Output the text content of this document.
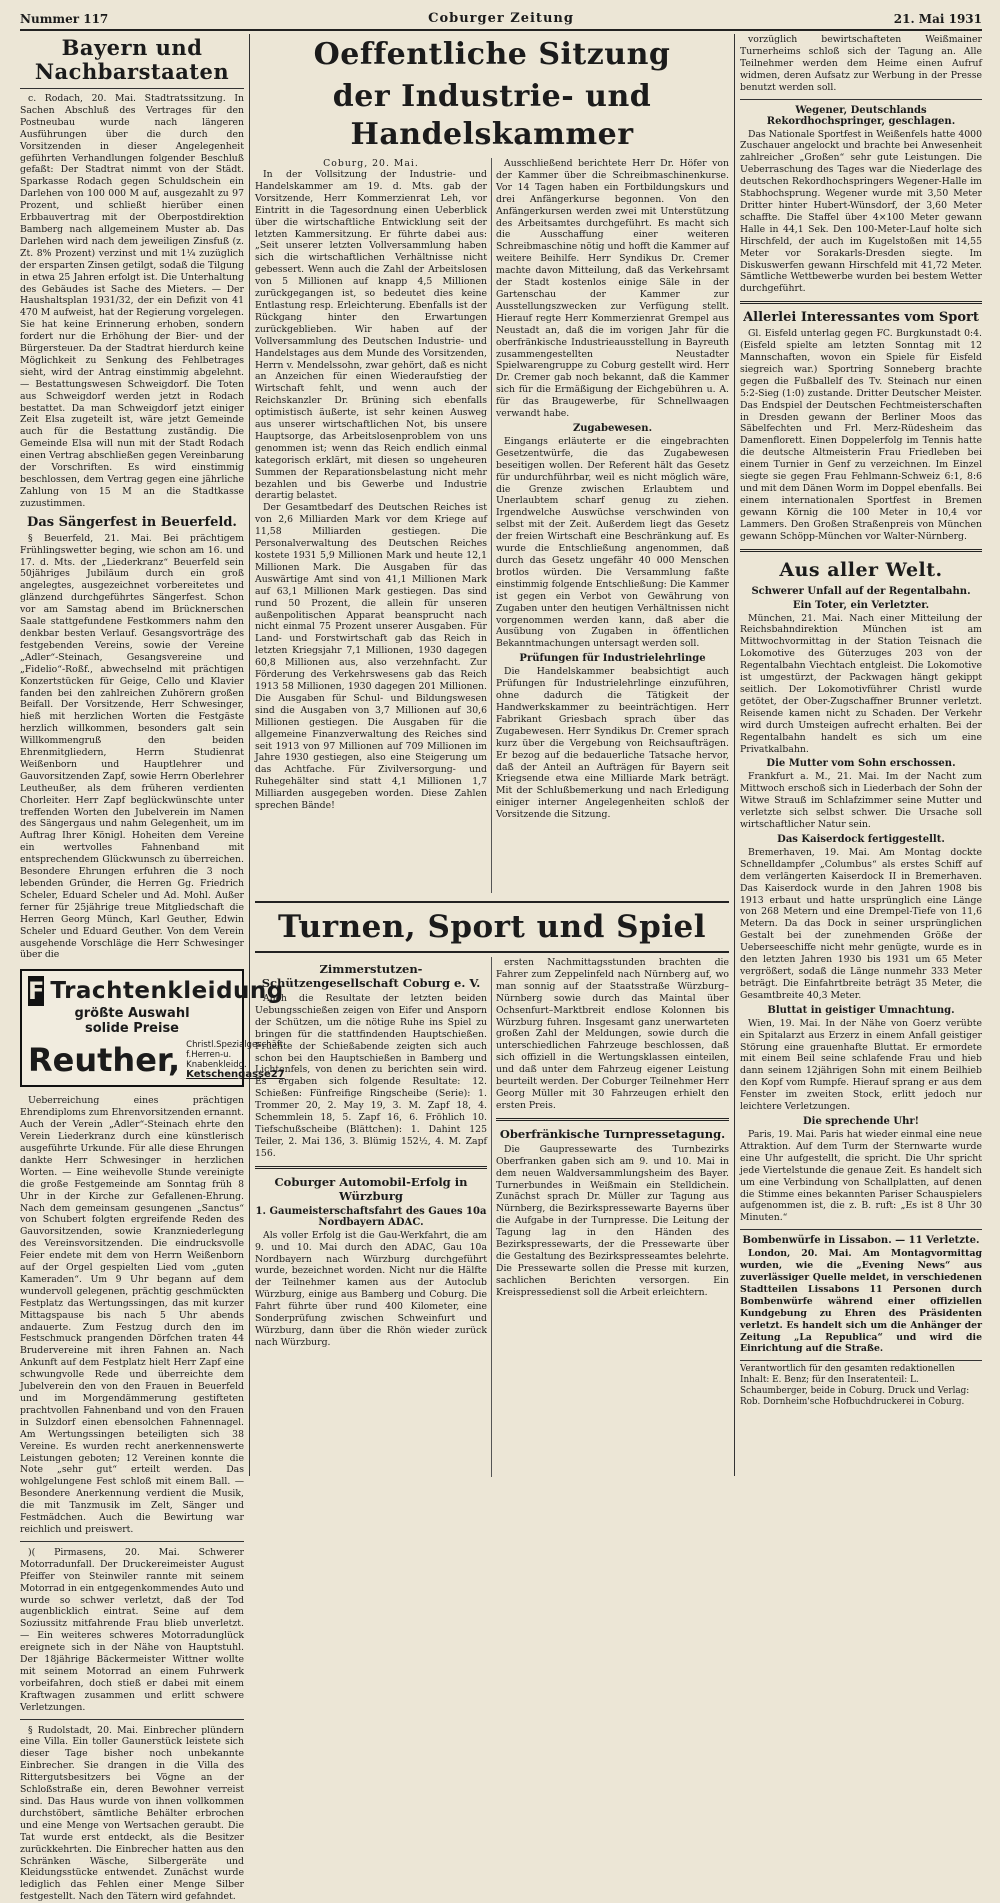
Nummer 117	Coburger Zeitung	21. Mai 1931
Bayern und Nachbarstaaten

c. Rodach, 20. Mai. Stadtratssitzung. In Sachen Abschluß des Vertrages für den Postneubau wurde nach längeren Ausführungen über die durch den Vorsitzenden in dieser Angelegenheit geführten Verhandlungen folgender Beschluß gefaßt: Der Stadtrat nimmt von der Städt. Sparkasse Rodach gegen Schuldschein ein Darlehen von 100 000 M auf, ausgezahlt zu 97 Prozent, und schließt hierüber einen Erbbauvertrag mit der Oberpostdirektion Bamberg nach allgemeinem Muster ab. Das Darlehen wird nach dem jeweiligen Zinsfuß (z. Zt. 8% Prozent) verzinst und mit 1¼ zuzüglich der ersparten Zinsen getilgt, sodaß die Tilgung in etwa 25 Jahren erfolgt ist. Die Unterhaltung des Gebäudes ist Sache des Mieters. — Der Haushaltsplan 1931/32, der ein Defizit von 41 470 M aufweist, hat der Regierung vorgelegen. Sie hat keine Erinnerung erhoben, sondern fordert nur die Erhöhung der Bier- und der Bürgersteuer. Da der Stadtrat hierdurch keine Möglichkeit zu Senkung des Fehlbetrages sieht, wird der Antrag einstimmig abgelehnt. — Bestattungswesen Schweigdorf. Die Toten aus Schweigdorf werden jetzt in Rodach bestattet. Da man Schweigdorf jetzt einiger Zeit Elsa zugeteilt ist, wäre jetzt Gemeinde auch für die Bestattung zuständig. Die Gemeinde Elsa will nun mit der Stadt Rodach einen Vertrag abschließen gegen Vereinbarung der Vorschriften. Es wird einstimmig beschlossen, dem Vertrag gegen eine jährliche Zahlung von 15 M an die Stadtkasse zuzustimmen.

Das Sängerfest in Beuerfeld.

§ Beuerfeld, 21. Mai. Bei prächtigem Frühlingswetter beging, wie schon am 16. und 17. d. Mts. der „Liederkranz“ Beuerfeld sein 50jähriges Jubiläum durch ein groß angelegtes, ausgezeichnet vorbereitetes und glänzend durchgeführtes Sängerfest. Schon vor am Samstag abend im Brücknerschen Saale stattgefundene Festkommers nahm den denkbar besten Verlauf. Gesangsvorträge des festgebenden Vereins, sowie der Vereine „Adler“-Steinach, Gesangsvereine und „Fidelio“-Roßf., abwechselnd mit prächtigen Konzertstücken für Geige, Cello und Klavier fanden bei den zahlreichen Zuhörern großen Beifall. Der Vorsitzende, Herr Schwesinger, hieß mit herzlichen Worten die Festgäste herzlich willkommen, besonders galt sein Willkommengruß den beiden Ehrenmitgliedern, Herrn Studienrat Weißenborn und Hauptlehrer und Gauvorsitzenden Zapf, sowie Herrn Oberlehrer Leutheußer, als dem früheren verdienten Chorleiter. Herr Zapf beglückwünschte unter treffenden Worten den Jubelverein im Namen des Sängergaus und nahm Gelegenheit, um im Auftrag Ihrer Königl. Hoheiten dem Vereine ein wertvolles Fahnenband mit entsprechendem Glückwunsch zu überreichen. Besondere Ehrungen erfuhren die 3 noch lebenden Gründer, die Herren Gg. Friedrich Scheler, Eduard Scheler und Ad. Mohl. Außer ferner für 25jährige treue Mitgliedschaft die Herren Georg Münch, Karl Geuther, Edwin Scheler und Eduard Geuther. Von dem Verein ausgehende Vorschläge die Herr Schwesinger über die

F Trachtenkleidung
größte Auswahl
solide Preise
Reuther, Christl.Spezialgeschäft f.Herren-u.
Knabenkleidg.
Ketschengasse27

Ueberreichung eines prächtigen Ehrendiploms zum Ehrenvorsitzenden ernannt. Auch der Verein „Adler“-Steinach ehrte den Verein Liederkranz durch eine künstlerisch ausgeführte Urkunde. Für alle diese Ehrungen dankte Herr Schwesinger in herzlichen Worten. — Eine weihevolle Stunde vereinigte die große Festgemeinde am Sonntag früh 8 Uhr in der Kirche zur Gefallenen-Ehrung. Nach dem gemeinsam gesungenen „Sanctus“ von Schubert folgten ergreifende Reden des Gauvorsitzenden, sowie Kranzniederlegung des Vereinsvorsitzenden. Die eindrucksvolle Feier endete mit dem von Herrn Weißenborn auf der Orgel gespielten Lied vom „guten Kameraden“. Um 9 Uhr begann auf dem wundervoll gelegenen, prächtig geschmückten Festplatz das Wertungssingen, das mit kurzer Mittagspause bis nach 5 Uhr abends andauerte. Zum Festzug durch den im Festschmuck prangenden Dörfchen traten 44 Brudervereine mit ihren Fahnen an. Nach Ankunft auf dem Festplatz hielt Herr Zapf eine schwungvolle Rede und überreichte dem Jubelverein den von den Frauen in Beuerfeld und im Morgendämmerung gestifteten prachtvollen Fahnenband und von den Frauen in Sulzdorf einen ebensolchen Fahnennagel. Am Wertungssingen beteiligten sich 38 Vereine. Es wurden recht anerkennenswerte Leistungen geboten; 12 Vereinen konnte die Note „sehr gut“ erteilt werden. Das wohlgelungene Fest schloß mit einem Ball. — Besondere Anerkennung verdient die Musik, die mit Tanzmusik im Zelt, Sänger und Festmädchen. Auch die Bewirtung war reichlich und preiswert.

)( Pirmasens, 20. Mai. Schwerer Motorradunfall. Der Druckereimeister August Pfeiffer von Steinwiler rannte mit seinem Motorrad in ein entgegenkommendes Auto und wurde so schwer verletzt, daß der Tod augenblicklich eintrat. Seine auf dem Soziussitz mitfahrende Frau blieb unverletzt. — Ein weiteres schweres Motorradunglück ereignete sich in der Nähe von Hauptstuhl. Der 18jährige Bäckermeister Wittner wollte mit seinem Motorrad an einem Fuhrwerk vorbeifahren, doch stieß er dabei mit einem Kraftwagen zusammen und erlitt schwere Verletzungen.

§ Rudolstadt, 20. Mai. Einbrecher plündern eine Villa. Ein toller Gaunerstück leistete sich dieser Tage bisher noch unbekannte Einbrecher. Sie drangen in die Villa des Rittergutsbesitzers bei Vögne an der Schloßstraße ein, deren Bewohner verreist sind. Das Haus wurde von ihnen vollkommen durchstöbert, sämtliche Behälter erbrochen und eine Menge von Wertsachen geraubt. Die Tat wurde erst entdeckt, als die Besitzer zurückkehrten. Die Einbrecher hatten aus den Schränken Wäsche, Silbergeräte und Kleidungsstücke entwendet. Zunächst wurde lediglich das Fehlen einer Menge Silber festgestellt. Nach den Tätern wird gefahndet.

Oeffentliche Sitzung
der Industrie- und Handelskammer
Coburg, 20. Mai.

In der Vollsitzung der Industrie- und Handelskammer am 19. d. Mts. gab der Vorsitzende, Herr Kommerzienrat Leh, vor Eintritt in die Tagesordnung einen Ueberblick über die wirtschaftliche Entwicklung seit der letzten Kammersitzung. Er führte dabei aus: „Seit unserer letzten Vollversammlung haben sich die wirtschaftlichen Verhältnisse nicht gebessert. Wenn auch die Zahl der Arbeitslosen von 5 Millionen auf knapp 4,5 Millionen zurückgegangen ist, so bedeutet dies keine Entlastung resp. Erleichterung. Ebenfalls ist der Rückgang hinter den Erwartungen zurückgeblieben. Wir haben auf der Vollversammlung des Deutschen Industrie- und Handelstages aus dem Munde des Vorsitzenden, Herrn v. Mendelssohn, zwar gehört, daß es nicht an Anzeichen für einen Wiederaufstieg der Wirtschaft fehlt, und wenn auch der Reichskanzler Dr. Brüning sich ebenfalls optimistisch äußerte, ist sehr keinen Ausweg aus unserer wirtschaftlichen Not, bis unsere Hauptsorge, das Arbeitslosenproblem von uns genommen ist; wenn das Reich endlich einmal kategorisch erklärt, mit diesen so ungeheuren Summen der Reparationsbelastung nicht mehr bezahlen und bis Gewerbe und Industrie derartig belastet.

Der Gesamtbedarf des Deutschen Reiches ist von 2,6 Milliarden Mark vor dem Kriege auf 11,58 Milliarden gestiegen. Die Personalverwaltung des Deutschen Reiches kostete 1931 5,9 Millionen Mark und heute 12,1 Millionen Mark. Die Ausgaben für das Auswärtige Amt sind von 41,1 Millionen Mark auf 63,1 Millionen Mark gestiegen. Das sind rund 50 Prozent, die allein für unseren außenpolitischen Apparat beansprucht nach nicht einmal 75 Prozent unserer Ausgaben. Für Land- und Forstwirtschaft gab das Reich in letzten Kriegsjahr 7,1 Millionen, 1930 dagegen 60,8 Millionen aus, also verzehnfacht. Zur Förderung des Verkehrswesens gab das Reich 1913 58 Millionen, 1930 dagegen 201 Millionen. Die Ausgaben für Schul- und Bildungswesen sind die Ausgaben von 3,7 Millionen auf 30,6 Millionen gestiegen. Die Ausgaben für die allgemeine Finanzverwaltung des Reiches sind seit 1913 von 97 Millionen auf 709 Millionen im Jahre 1930 gestiegen, also eine Steigerung um das Achtfache. Für Zivilversorgung- und Ruhegehälter sind statt 4,1 Millionen 1,7 Milliarden ausgegeben worden. Diese Zahlen sprechen Bände!

Ausschließend berichtete Herr Dr. Höfer von der Kammer über die Schreibmaschinenkurse. Vor 14 Tagen haben ein Fortbildungskurs und drei Anfängerkurse begonnen. Von den Anfängerkursen werden zwei mit Unterstützung des Arbeitsamtes durchgeführt. Es macht sich die Ausschaffung einer weiteren Schreibmaschine nötig und hofft die Kammer auf weitere Beihilfe. Herr Syndikus Dr. Cremer machte davon Mitteilung, daß das Verkehrsamt der Stadt kostenlos einige Säle in der Gartenschau der Kammer zur Ausstellungszwecken zur Verfügung stellt. Hierauf regte Herr Kommerzienrat Grempel aus Neustadt an, daß die im vorigen Jahr für die oberfränkische Industrieausstellung in Bayreuth zusammengestellten Neustadter Spielwarengruppe zu Coburg gestellt wird. Herr Dr. Cremer gab noch bekannt, daß die Kammer sich für die Ermäßigung der Eichgebühren u. A. für das Braugewerbe, für Schnellwaagen verwandt habe.

Zugabewesen.

Eingangs erläuterte er die eingebrachten Gesetzentwürfe, die das Zugabewesen beseitigen wollen. Der Referent hält das Gesetz für undurchführbar, weil es nicht möglich wäre, die Grenze zwischen Erlaubtem und Unerlaubtem scharf genug zu ziehen. Irgendwelche Auswüchse verschwinden von selbst mit der Zeit. Außerdem liegt das Gesetz der freien Wirtschaft eine Beschränkung auf. Es wurde die Entschließung angenommen, daß durch das Gesetz ungefähr 40 000 Menschen brotlos würden. Die Versammlung faßte einstimmig folgende Entschließung: Die Kammer ist gegen ein Verbot von Gewährung von Zugaben unter den heutigen Verhältnissen nicht vorgenommen werden kann, daß aber die Ausübung von Zugaben in öffentlichen Bekanntmachungen untersagt werden soll.

Prüfungen für Industrielehrlinge

Die Handelskammer beabsichtigt auch Prüfungen für Industrielehrlinge einzuführen, ohne dadurch die Tätigkeit der Handwerkskammer zu beeinträchtigen. Herr Fabrikant Griesbach sprach über das Zugabewesen. Herr Syndikus Dr. Cremer sprach kurz über die Vergebung von Reichsaufträgen. Er bezog auf die bedauerliche Tatsache hervor, daß der Anteil an Aufträgen für Bayern seit Kriegsende etwa eine Milliarde Mark beträgt. Mit der Schlußbemerkung und nach Erledigung einiger interner Angelegenheiten schloß der Vorsitzende die Sitzung.

Turnen, Sport und Spiel
Zimmerstutzen-Schützengesellschaft Coburg e. V.

Auch die Resultate der letzten beiden Uebungsschießen zeigen von Eifer und Ansporn der Schützen, um die nötige Ruhe ins Spiel zu bringen für die stattfindenden Hauptschießen. Früchte der Schießabende zeigten sich auch schon bei den Hauptschießen in Bamberg und Lichtenfels, von denen zu berichten sein wird. Es ergaben sich folgende Resultate: 12. Schießen: Fünfreifige Ringscheibe (Serie): 1. Trommer 20, 2. May 19, 3. M. Zapf 18, 4. Schemmlein 18, 5. Zapf 16, 6. Fröhlich 10. Tiefschußscheibe (Blättchen): 1. Dahint 125 Teiler, 2. Mai 136, 3. Blümig 152½, 4. M. Zapf 156.

Coburger Automobil-Erfolg in Würzburg
1. Gaumeisterschaftsfahrt des Gaues 10a Nordbayern ADAC.

Als voller Erfolg ist die Gau-Werkfahrt, die am 9. und 10. Mai durch den ADAC, Gau 10a Nordbayern nach Würzburg durchgeführt wurde, bezeichnet worden. Nicht nur die Hälfte der Teilnehmer kamen aus der Autoclub Würzburg, einige aus Bamberg und Coburg. Die Fahrt führte über rund 400 Kilometer, eine Sonderprüfung zwischen Schweinfurt und Würzburg, dann über die Rhön wieder zurück nach Würzburg.

ersten Nachmittagsstunden brachten die Fahrer zum Zeppelinfeld nach Nürnberg auf, wo man sonnig auf der Staatsstraße Würzburg–Nürnberg sowie durch das Maintal über Ochsenfurt–Marktbreit endlose Kolonnen bis Würzburg fuhren. Insgesamt ganz unerwarteten großen Zahl der Meldungen, sowie durch die unterschiedlichen Fahrzeuge beschlossen, daß sich offiziell in die Wertungsklassen einteilen, und daß unter dem Fahrzeug eigener Leistung beurteilt werden. Der Coburger Teilnehmer Herr Georg Müller mit 30 Fahrzeugen erhielt den ersten Preis.

Oberfränkische Turnpressetagung.

Die Gaupressewarte des Turnbezirks Oberfranken gaben sich am 9. und 10. Mai in dem neuen Waldversammlungsheim des Bayer. Turnerbundes in Weißmain ein Stelldichein. Zunächst sprach Dr. Müller zur Tagung aus Nürnberg, die Bezirkspressewarte Bayerns über die Aufgabe in der Turnpresse. Die Leitung der Tagung lag in den Händen des Bezirkspressewarts, der die Pressewarte über die Gestaltung des Bezirkspresseamtes belehrte. Die Pressewarte sollen die Presse mit kurzen, sachlichen Berichten versorgen. Ein Kreispressedienst soll die Arbeit erleichtern.

vorzüglich bewirtschafteten Weißmainer Turnerheims schloß sich der Tagung an. Alle Teilnehmer werden dem Heime einen Aufruf widmen, deren Aufsatz zur Werbung in der Presse benutzt werden soll.

Wegener, Deutschlands Rekordhochspringer, geschlagen.

Das Nationale Sportfest in Weißenfels hatte 4000 Zuschauer angelockt und brachte bei Anwesenheit zahlreicher „Großen“ sehr gute Leistungen. Die Ueberraschung des Tages war die Niederlage des deutschen Rekordhochspringers Wegener-Halle im Stabhochsprung. Wegener wurde mit 3,50 Meter Dritter hinter Hubert-Wünsdorf, der 3,60 Meter schaffte. Die Staffel über 4×100 Meter gewann Halle in 44,1 Sek. Den 100-Meter-Lauf holte sich Hirschfeld, der auch im Kugelstoßen mit 14,55 Meter vor Sorakarls-Dresden siegte. Im Diskuswerfen gewann Hirschfeld mit 41,72 Meter. Sämtliche Wettbewerbe wurden bei bestem Wetter durchgeführt.

Allerlei Interessantes vom Sport

Gl. Eisfeld unterlag gegen FC. Burgkunstadt 0:4. (Eisfeld spielte am letzten Sonntag mit 12 Mannschaften, wovon ein Spiele für Eisfeld siegreich war.) Sportring Sonneberg brachte gegen die Fußballelf des Tv. Steinach nur einen 5:2-Sieg (1:0) zustande. Dritter Deutscher Meister. Das Endspiel der Deutschen Fechtmeisterschaften in Dresden gewann der Berliner Moos das Säbelfechten und Frl. Merz-Rüdesheim das Damenflorett. Einen Doppelerfolg im Tennis hatte die deutsche Altmeisterin Frau Friedleben bei einem Turnier in Genf zu verzeichnen. Im Einzel siegte sie gegen Frau Fehlmann-Schweiz 6:1, 8:6 und mit dem Dänen Worm im Doppel ebenfalls. Bei einem internationalen Sportfest in Bremen gewann Körnig die 100 Meter in 10,4 vor Lammers. Den Großen Straßenpreis von München gewann Schöpp-München vor Walter-Nürnberg.

Aus aller Welt.
Schwerer Unfall auf der Regentalbahn.
Ein Toter, ein Verletzter.

München, 21. Mai. Nach einer Mitteilung der Reichsbahndirektion München ist am Mittwochvormittag in der Station Teisnach die Lokomotive des Güterzuges 203 von der Regentalbahn Viechtach entgleist. Die Lokomotive ist umgestürzt, der Packwagen hängt gekippt seitlich. Der Lokomotivführer Christl wurde getötet, der Ober-Zugschaffner Brunner verletzt. Reisende kamen nicht zu Schaden. Der Verkehr wird durch Umsteigen aufrecht erhalten. Bei der Regentalbahn handelt es sich um eine Privatkalbahn.

Die Mutter vom Sohn erschossen.

Frankfurt a. M., 21. Mai. Im der Nacht zum Mittwoch erschoß sich in Liederbach der Sohn der Witwe Strauß im Schlafzimmer seine Mutter und verletzte sich selbst schwer. Die Ursache soll wirtschaftlicher Natur sein.

Das Kaiserdock fertiggestellt.

Bremerhaven, 19. Mai. Am Montag dockte Schnelldampfer „Columbus“ als erstes Schiff auf dem verlängerten Kaiserdock II in Bremerhaven. Das Kaiserdock wurde in den Jahren 1908 bis 1913 erbaut und hatte ursprünglich eine Länge von 268 Metern und eine Drempel-Tiefe von 11,6 Metern. Da das Dock in seiner ursprünglichen Gestalt bei der zunehmenden Größe der Ueberseeschiffe nicht mehr genügte, wurde es in den letzten Jahren 1930 bis 1931 um 65 Meter vergrößert, sodaß die Länge nunmehr 333 Meter beträgt. Die Einfahrtbreite beträgt 35 Meter, die Gesamtbreite 40,3 Meter.

Bluttat in geistiger Umnachtung.

Wien, 19. Mai. In der Nähe von Goerz verübte ein Spitalarzt aus Erzerz in einem Anfall geistiger Störung eine grauenhafte Bluttat. Er ermordete mit einem Beil seine schlafende Frau und hieb dann seinem 12jährigen Sohn mit einem Beilhieb den Kopf vom Rumpfe. Hierauf sprang er aus dem Fenster im zweiten Stock, erlitt jedoch nur leichtere Verletzungen.

Die sprechende Uhr!

Paris, 19. Mai. Paris hat wieder einmal eine neue Attraktion. Auf dem Turm der Sternwarte wurde eine Uhr aufgestellt, die spricht. Die Uhr spricht jede Viertelstunde die genaue Zeit. Es handelt sich um eine Verbindung von Schallplatten, auf denen die Stimme eines bekannten Pariser Schauspielers aufgenommen ist, die z. B. ruft: „Es ist 8 Uhr 30 Minuten.“

Bombenwürfe in Lissabon. — 11 Verletzte.

London, 20. Mai. Am Montagvormittag wurden, wie die „Evening News“ aus zuverlässiger Quelle meldet, in verschiedenen Stadtteilen Lissabons 11 Personen durch Bombenwürfe während einer offiziellen Kundgebung zu Ehren des Präsidenten verletzt. Es handelt sich um die Anhänger der Zeitung „La Republica“ und wird die Einrichtung auf die Straße.

Verantwortlich für den gesamten redaktionellen Inhalt: E. Benz; für den Inseratenteil: L. Schaumberger, beide in Coburg. Druck und Verlag: Rob. Dornheim'sche Hofbuchdruckerei in Coburg.
